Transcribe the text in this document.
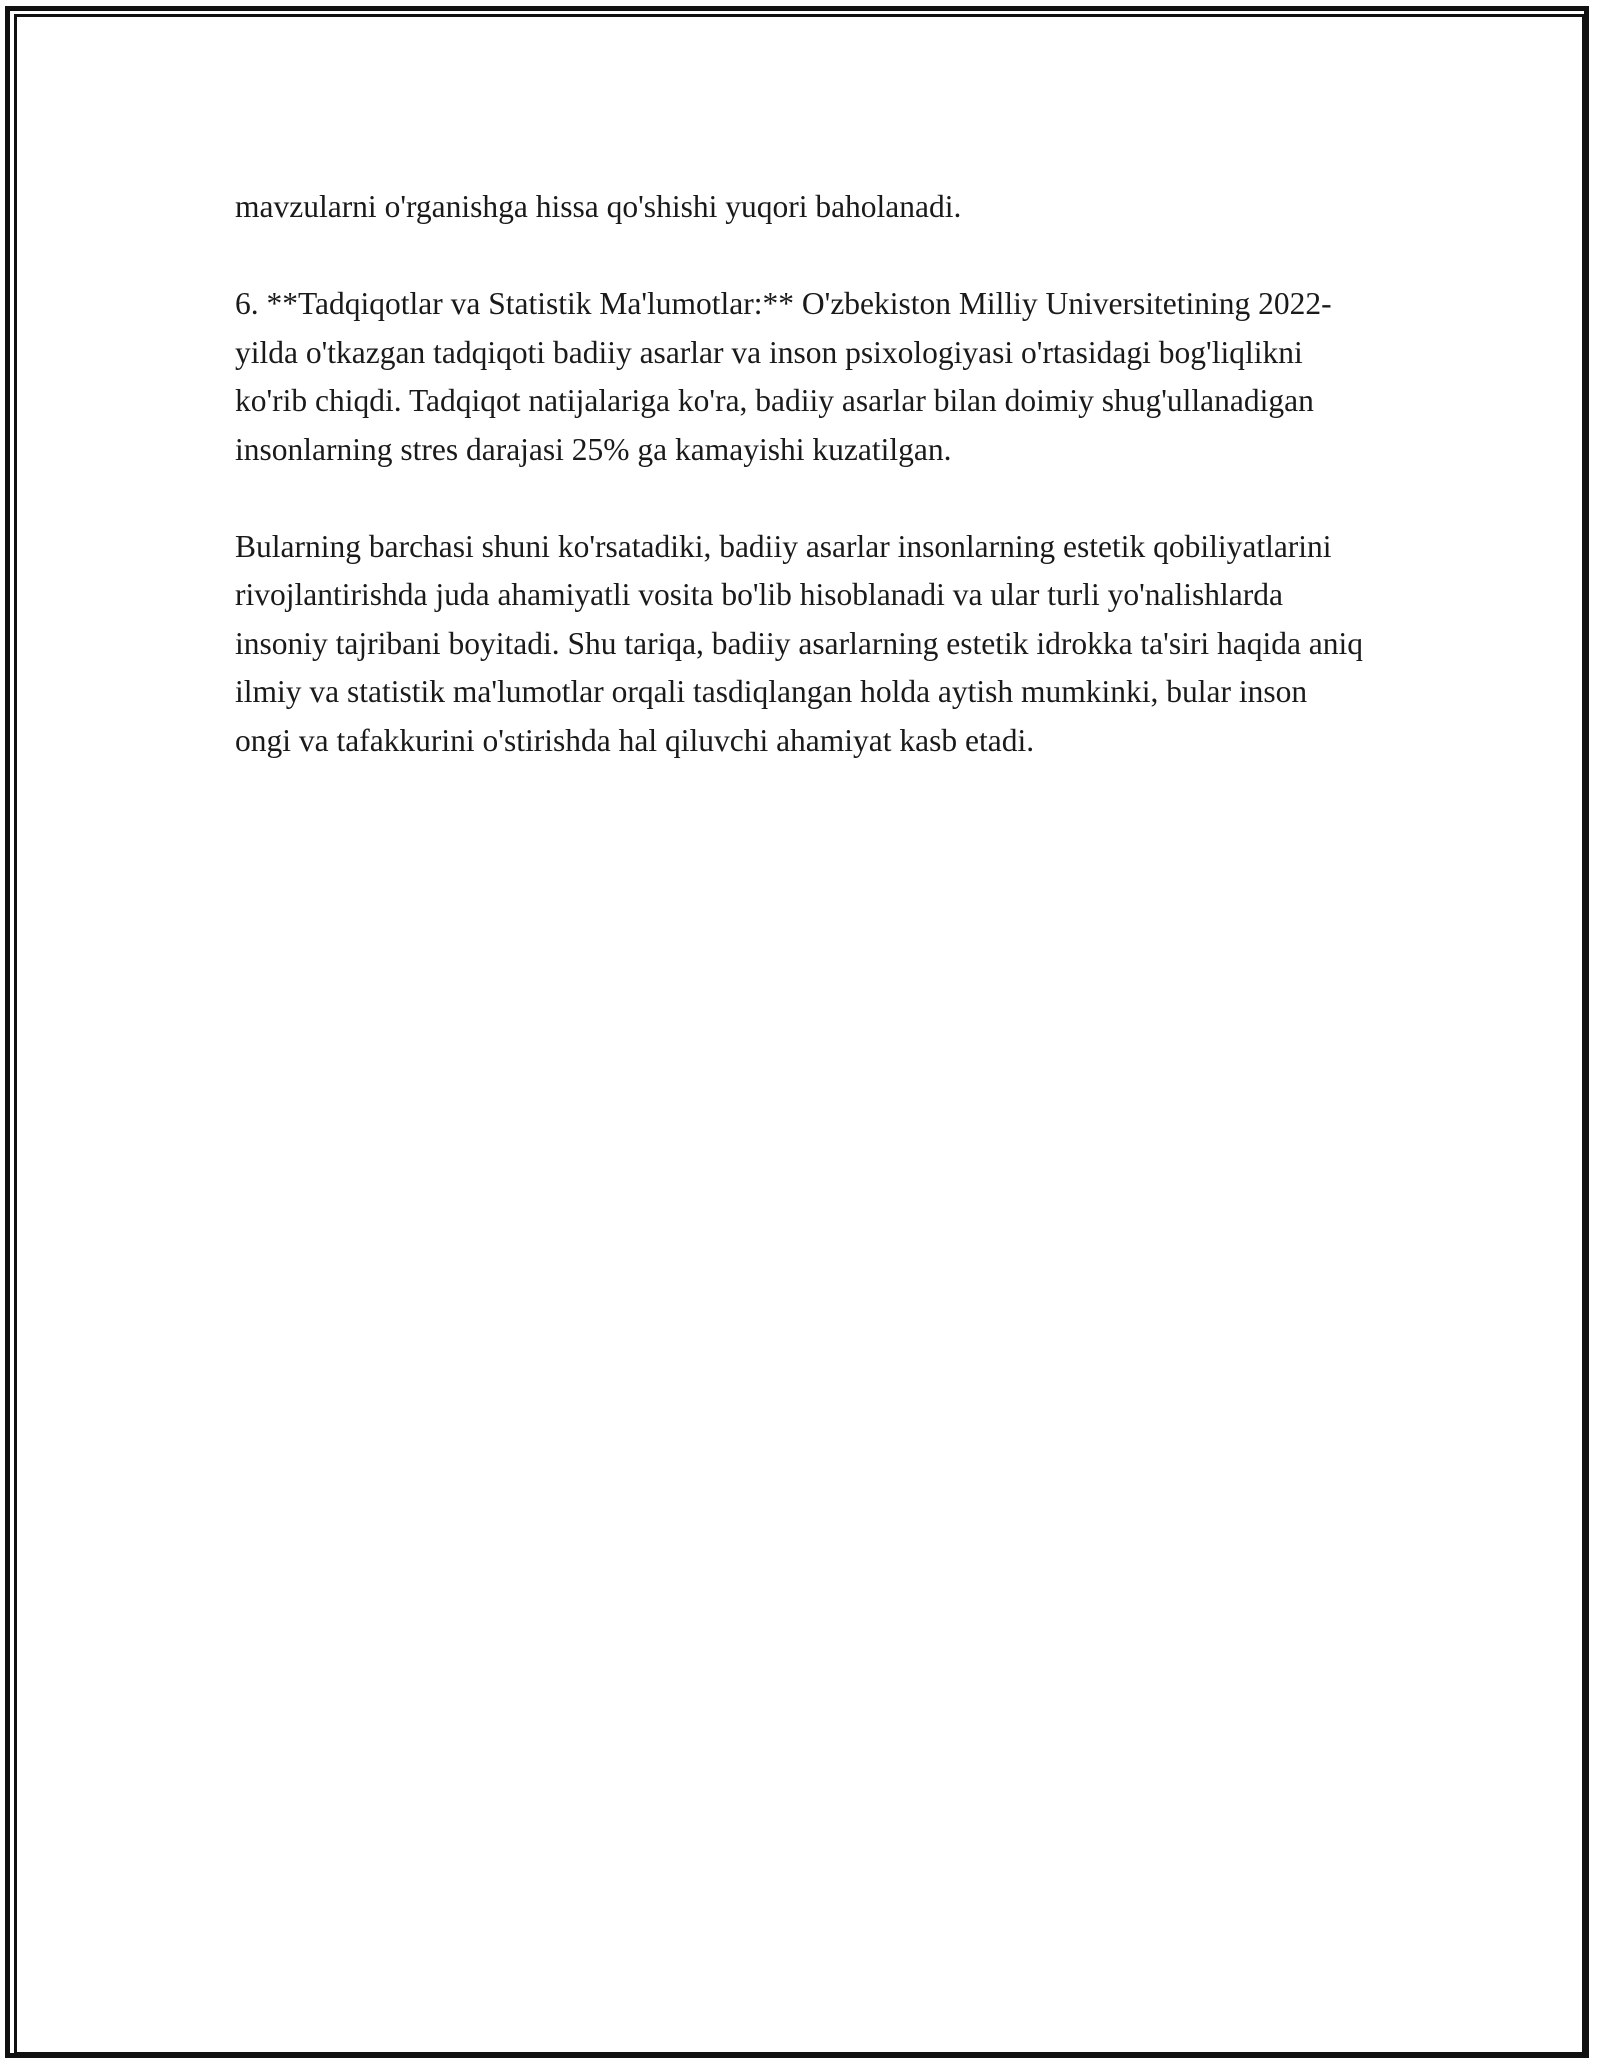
mavzularni o'rganishga hissa qo'shishi yuqori baholanadi.

6. **Tadqiqotlar va Statistik Ma'lumotlar:** O'zbekiston Milliy Universitetining 2022-yilda o'tkazgan tadqiqoti badiiy asarlar va inson psixologiyasi o'rtasidagi bog'liqlikni ko'rib chiqdi. Tadqiqot natijalariga ko'ra, badiiy asarlar bilan doimiy shug'ullanadigan insonlarning stres darajasi 25% ga kamayishi kuzatilgan.

Bularning barchasi shuni ko'rsatadiki, badiiy asarlar insonlarning estetik qobiliyatlarini rivojlantirishda juda ahamiyatli vosita bo'lib hisoblanadi va ular turli yo'nalishlarda insoniy tajribani boyitadi. Shu tariqa, badiiy asarlarning estetik idrokka ta'siri haqida aniq ilmiy va statistik ma'lumotlar orqali tasdiqlangan holda aytish mumkinki, bular inson ongi va tafakkurini o'stirishda hal qiluvchi ahamiyat kasb etadi.
